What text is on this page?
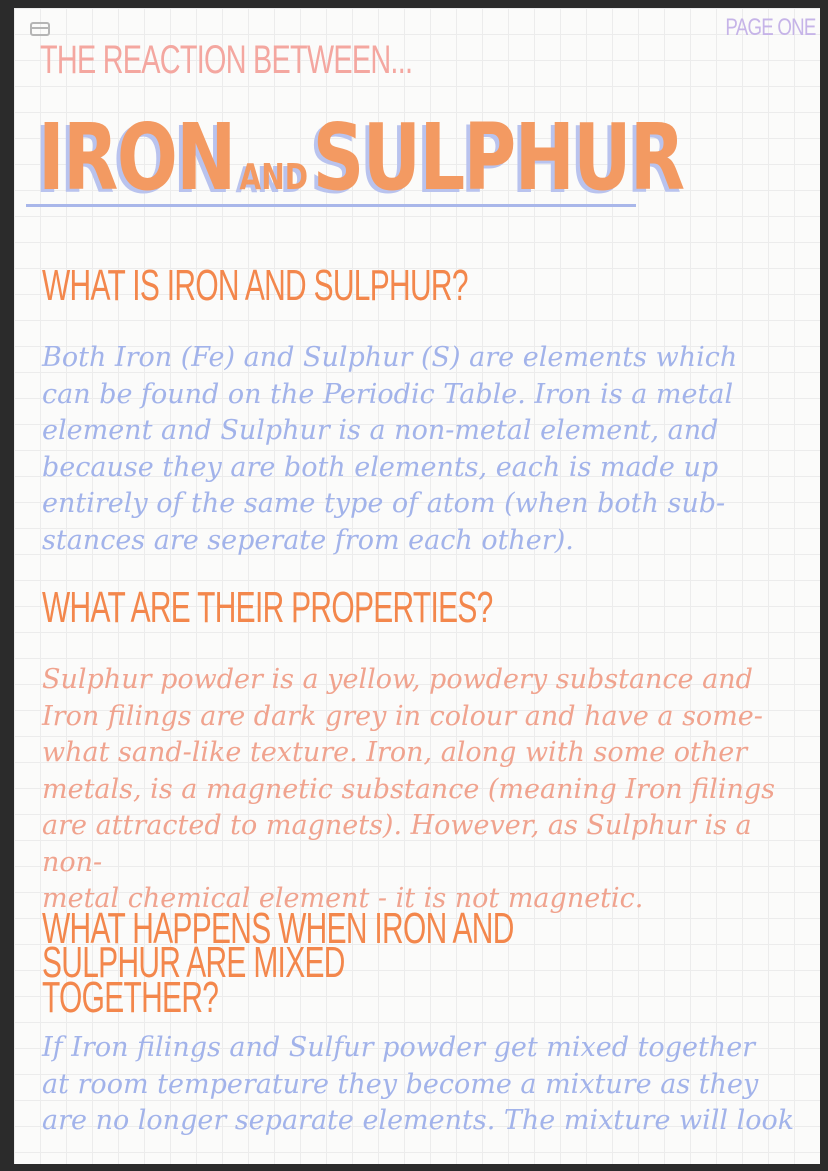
PAGE ONE
THE REACTION BETWEEN...
IRON ANDSULPHUR
WHAT IS IRON AND SULPHUR?
Both Iron (Fe) and Sulphur (S) are elements which
can be found on the Periodic Table. Iron is a metal
element and Sulphur is a non-metal element, and
because they are both elements, each is made up
entirely of the same type of atom (when both sub-
stances are seperate from each other).
WHAT ARE THEIR PROPERTIES?
Sulphur powder is a yellow, powdery substance and
Iron filings are dark grey in colour and have a some-
what sand-like texture. Iron, along with some other
metals, is a magnetic substance (meaning Iron filings
are attracted to magnets). However, as Sulphur is a non-
metal chemical element - it is not magnetic.
WHAT HAPPENS WHEN IRON AND SULPHUR ARE MIXED
TOGETHER?
If Iron filings and Sulfur powder get mixed together
at room temperature they become a mixture as they
are no longer separate elements. The mixture will look
